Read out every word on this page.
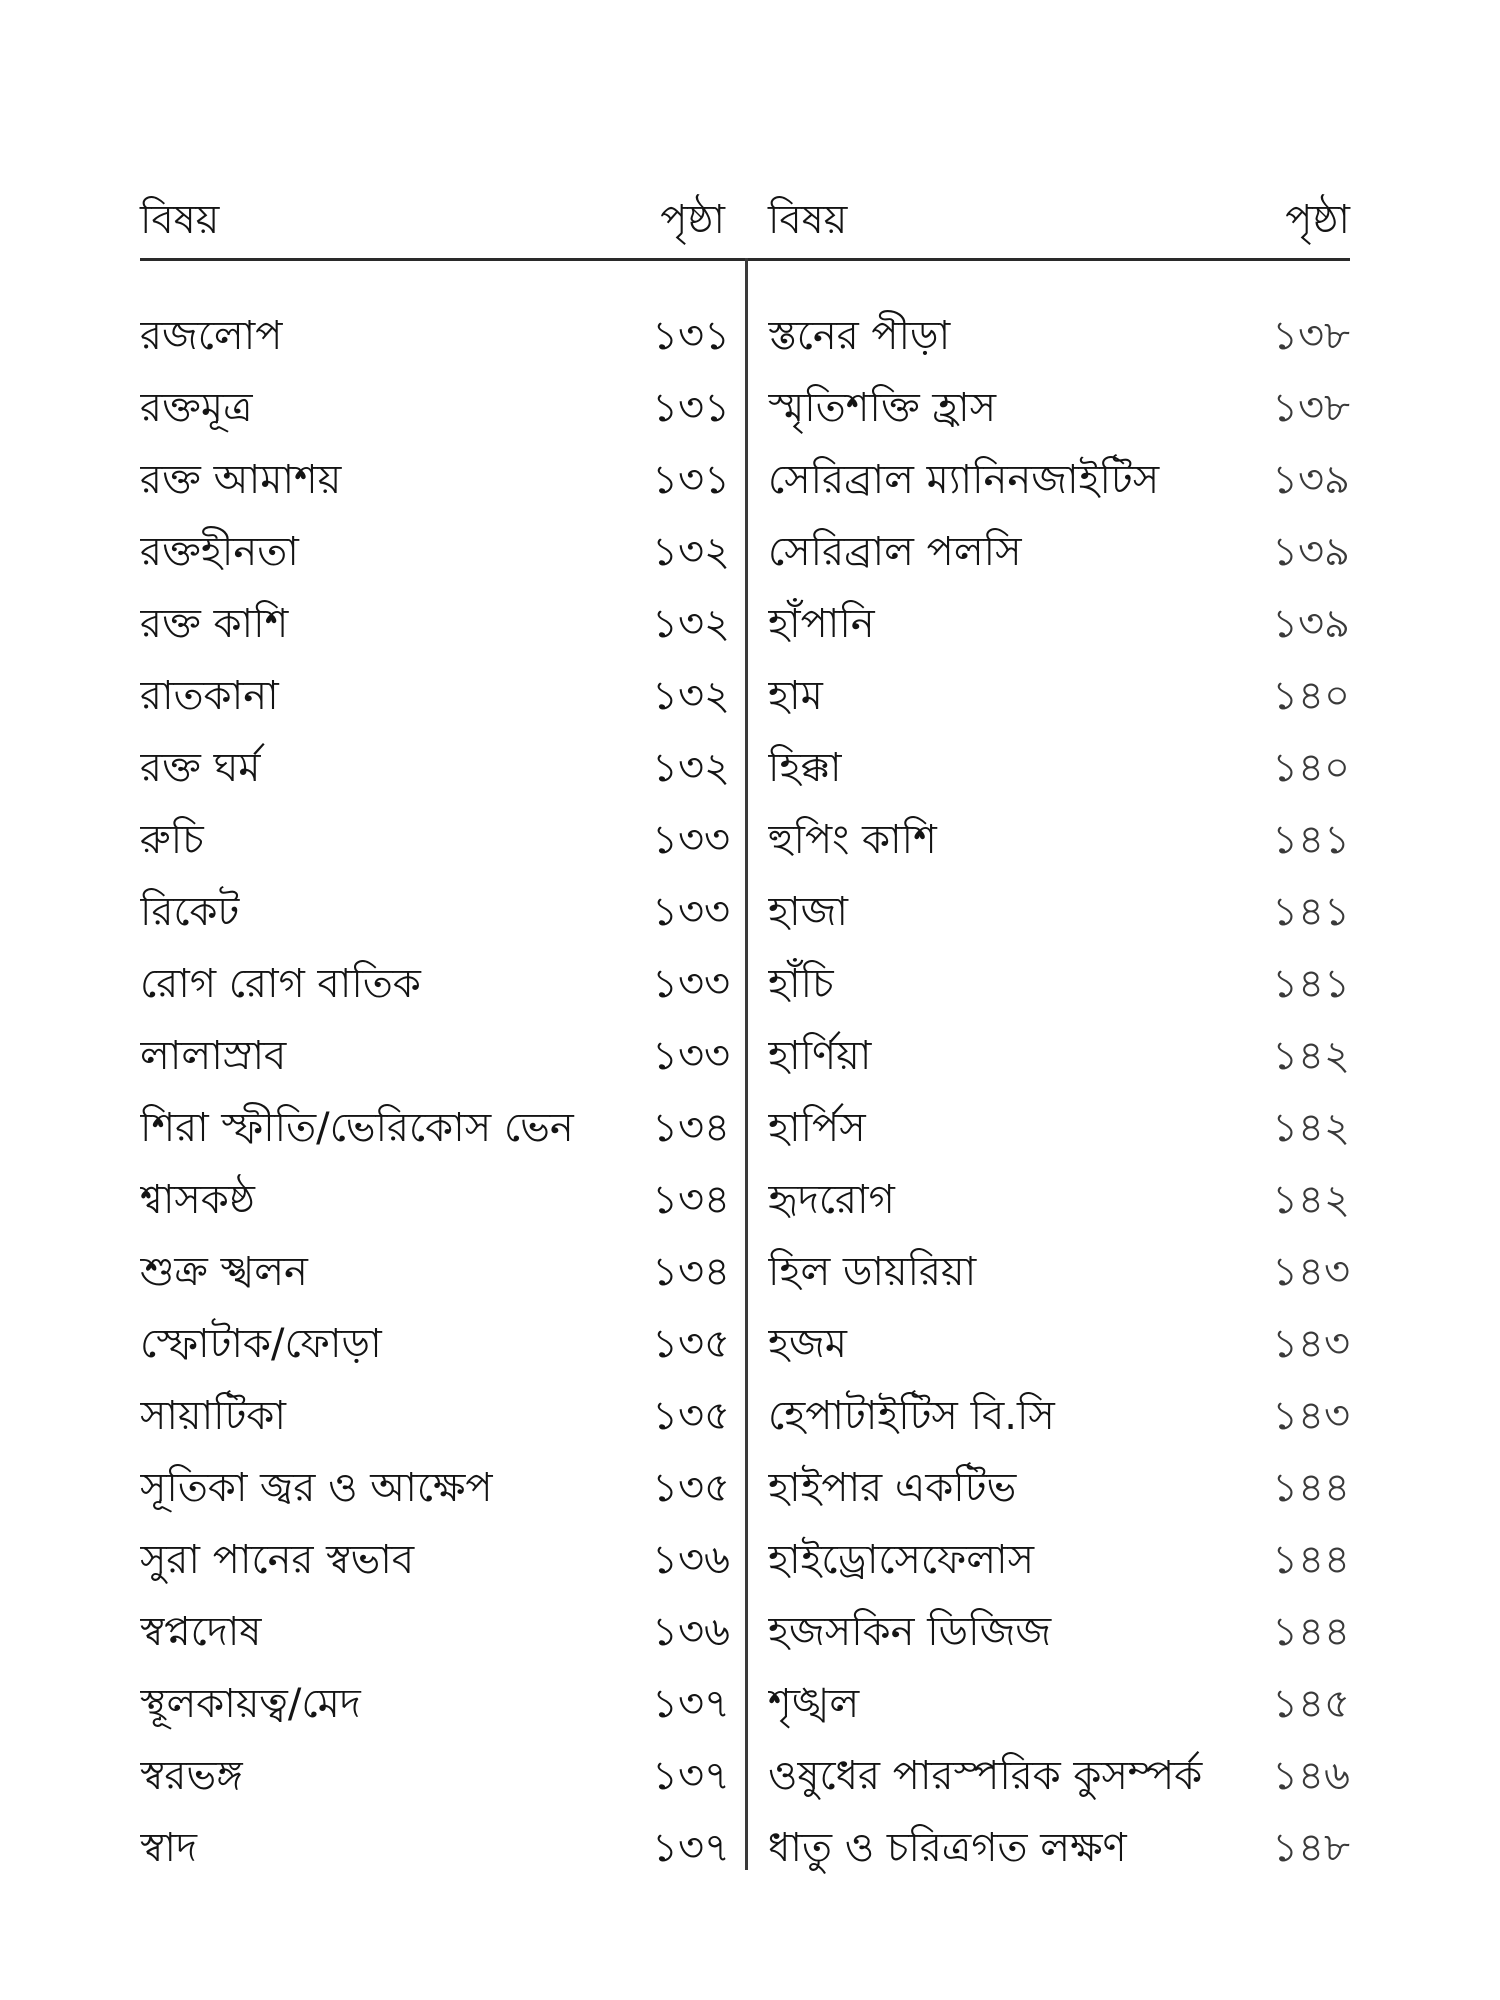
বিষয়	পৃষ্ঠা বিষয়	পৃষ্ঠা
রজলোপ	১৩১
রক্তমূত্র	১৩১
রক্ত আমাশয়	১৩১
রক্তহীনতা	১৩২
রক্ত কাশি	১৩২
রাতকানা	১৩২
রক্ত ঘর্ম	১৩২
রুচি	১৩৩
রিকেট	১৩৩
রোগ রোগ বাতিক	১৩৩
লালাস্রাব	১৩৩
শিরা স্ফীতি/ভেরিকোস ভেন	১৩৪
শ্বাসকষ্ঠ	১৩৪
শুক্র স্খলন	১৩৪
স্ফোটাক/ফোড়া	১৩৫
সায়াটিকা	১৩৫
সূতিকা জ্বর ও আক্ষেপ	১৩৫
সুরা পানের স্বভাব	১৩৬
স্বপ্নদোষ	১৩৬
স্থূলকায়ত্ব/মেদ	১৩৭
স্বরভঙ্গ	১৩৭
স্বাদ	১৩৭
স্তনের পীড়া	১৩৮
স্মৃতিশক্তি হ্রাস	১৩৮
সেরিব্রাল ম্যানিনজাইটিস	১৩৯
সেরিব্রাল পলসি	১৩৯
হাঁপানি	১৩৯
হাম	১৪০
হিক্কা	১৪০
হুপিং কাশি	১৪১
হাজা	১৪১
হাঁচি	১৪১
হার্ণিয়া	১৪২
হার্পিস	১৪২
হৃদরোগ	১৪২
হিল ডায়রিয়া	১৪৩
হজম	১৪৩
হেপাটাইটিস বি.সি	১৪৩
হাইপার একটিভ	১৪৪
হাইড্রোসেফেলাস	১৪৪
হজসকিন ডিজিজ	১৪৪
শৃঙ্খল	১৪৫
ওষুধের পারস্পরিক কুসম্পর্ক	১৪৬
ধাতু ও চরিত্রগত লক্ষণ	১৪৮
